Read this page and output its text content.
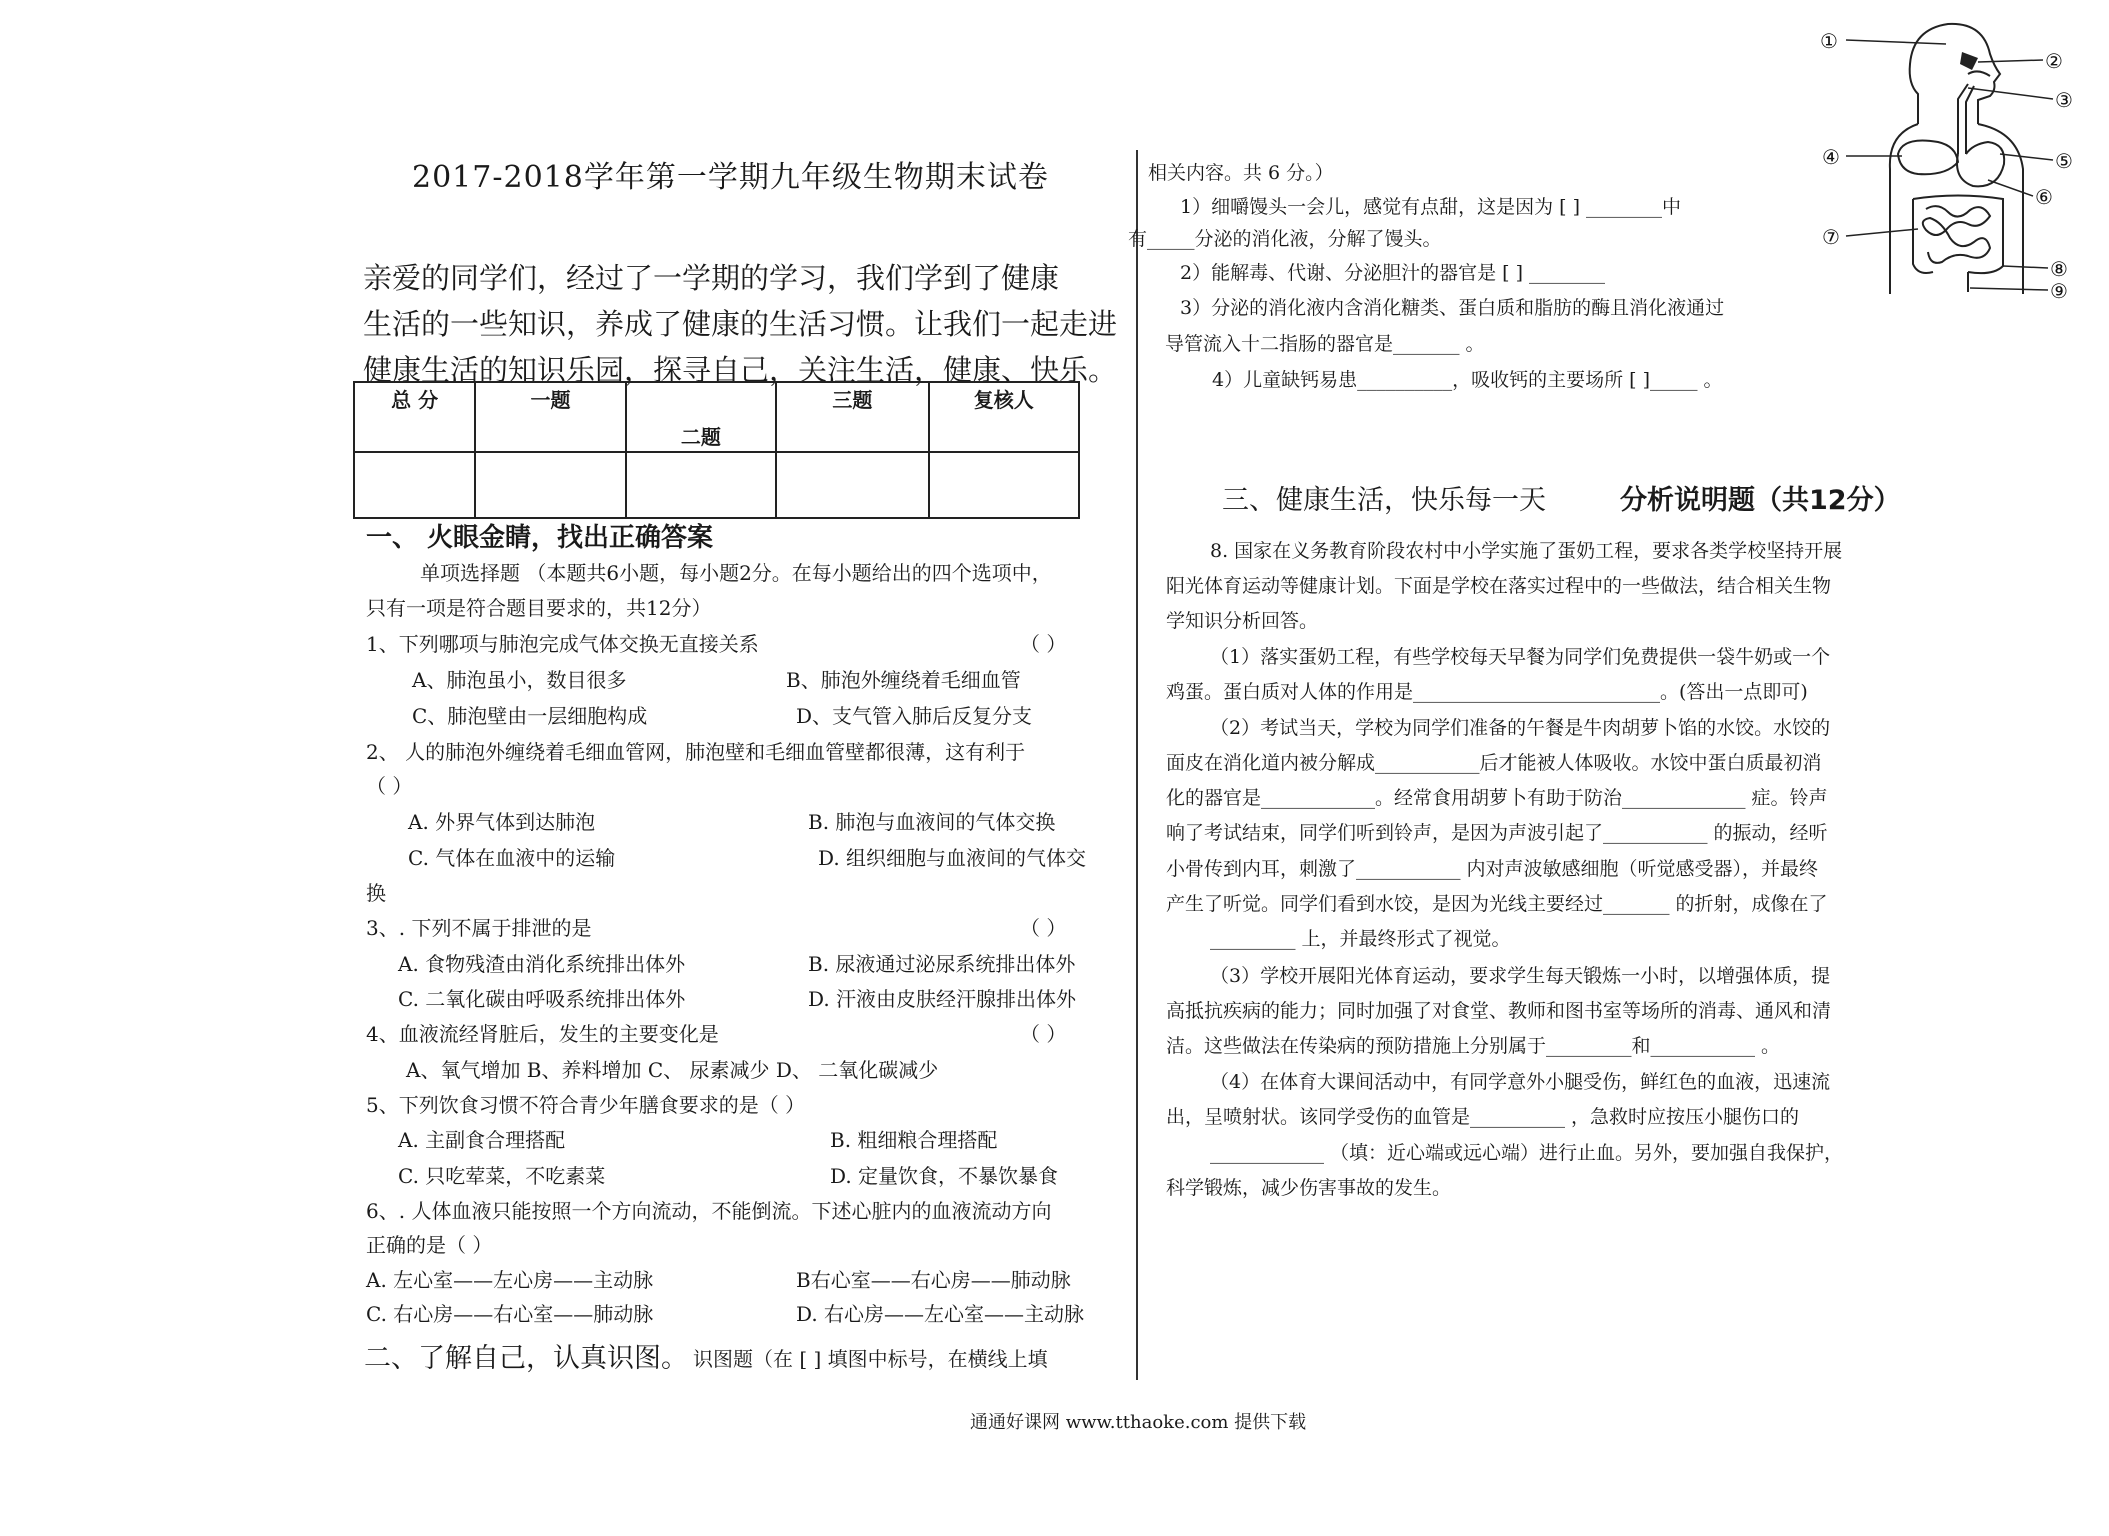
2017-2018学年第一学期九年级生物期末试卷
亲爱的同学们，经过了一学期的学习，我们学到了健康
生活的一些知识，养成了健康的生活习惯。让我们一起走进
健康生活的知识乐园，探寻自己，关注生活，健康、快乐。
总 分	一题	二题	三题	复核人

一、 火眼金睛，找出正确答案
单项选择题 （本题共6小题，每小题2分。在每小题给出的四个选项中，
只有一项是符合题目要求的，共12分）
1、下列哪项与肺泡完成气体交换无直接关系	（ ）
A、肺泡虽小，数目很多	B、肺泡外缠绕着毛细血管
C、肺泡壁由一层细胞构成	D、支气管入肺后反复分支
2、 人的肺泡外缠绕着毛细血管网，肺泡壁和毛细血管壁都很薄，这有利于
（ ）
A. 外界气体到达肺泡	B. 肺泡与血液间的气体交换
C. 气体在血液中的运输	D. 组织细胞与血液间的气体交
换
3、. 下列不属于排泄的是	（ ）
A. 食物残渣由消化系统排出体外	B. 尿液通过泌尿系统排出体外
C. 二氧化碳由呼吸系统排出体外	D. 汗液由皮肤经汗腺排出体外
4、血液流经肾脏后，发生的主要变化是	（ ）
A、氧气增加 B、养料增加 C、 尿素减少 D、 二氧化碳减少
5、下列饮食习惯不符合青少年膳食要求的是（ ）
A. 主副食合理搭配	B. 粗细粮合理搭配
C. 只吃荤菜，不吃素菜	D. 定量饮食，不暴饮暴食
6、. 人体血液只能按照一个方向流动，不能倒流。下述心脏内的血液流动方向
正确的是（ ）
A. 左心室——左心房——主动脉	B右心室——右心房——肺动脉
C. 右心房——右心室——肺动脉	D. 右心房——左心室——主动脉
二、了解自己，认真识图。 识图题（在 [ ] 填图中标号，在横线上填
相关内容。共 6 分。）
1）细嚼馒头一会儿，感觉有点甜，这是因为 [ ] ________中
有_____分泌的消化液，分解了馒头。
2）能解毒、代谢、分泌胆汁的器官是 [ ] ________
3）分泌的消化液内含消化糖类、蛋白质和脂肪的酶且消化液通过
导管流入十二指肠的器官是_______ 。
4）儿童缺钙易患__________，吸收钙的主要场所 [ ]_____ 。
①
②
③
④	⑤
⑥
⑦
⑧
⑨
三、健康生活，快乐每一天	分析说明题（共12分）
8. 国家在义务教育阶段农村中小学实施了蛋奶工程，要求各类学校坚持开展
阳光体育运动等健康计划。下面是学校在落实过程中的一些做法，结合相关生物
学知识分析回答。
（1）落实蛋奶工程，有些学校每天早餐为同学们免费提供一袋牛奶或一个
鸡蛋。蛋白质对人体的作用是__________________________。(答出一点即可)
（2）考试当天，学校为同学们准备的午餐是牛肉胡萝卜馅的水饺。水饺的
面皮在消化道内被分解成___________后才能被人体吸收。水饺中蛋白质最初消
化的器官是____________。经常食用胡萝卜有助于防治_____________ 症。铃声
响了考试结束，同学们听到铃声，是因为声波引起了___________ 的振动，经听
小骨传到内耳，刺激了___________ 内对声波敏感细胞（听觉感受器），并最终
产生了听觉。同学们看到水饺，是因为光线主要经过_______ 的折射，成像在了
_________ 上，并最终形式了视觉。
（3）学校开展阳光体育运动，要求学生每天锻炼一小时，以增强体质，提
高抵抗疾病的能力；同时加强了对食堂、教师和图书室等场所的消毒、通风和清
洁。这些做法在传染病的预防措施上分别属于_________和___________ 。
（4）在体育大课间活动中，有同学意外小腿受伤，鲜红色的血液，迅速流
出，呈喷射状。该同学受伤的血管是__________ ，急救时应按压小腿伤口的
____________ （填：近心端或远心端）进行止血。另外，要加强自我保护，
科学锻炼，减少伤害事故的发生。
通通好课网 www.tthaoke.com 提供下载
